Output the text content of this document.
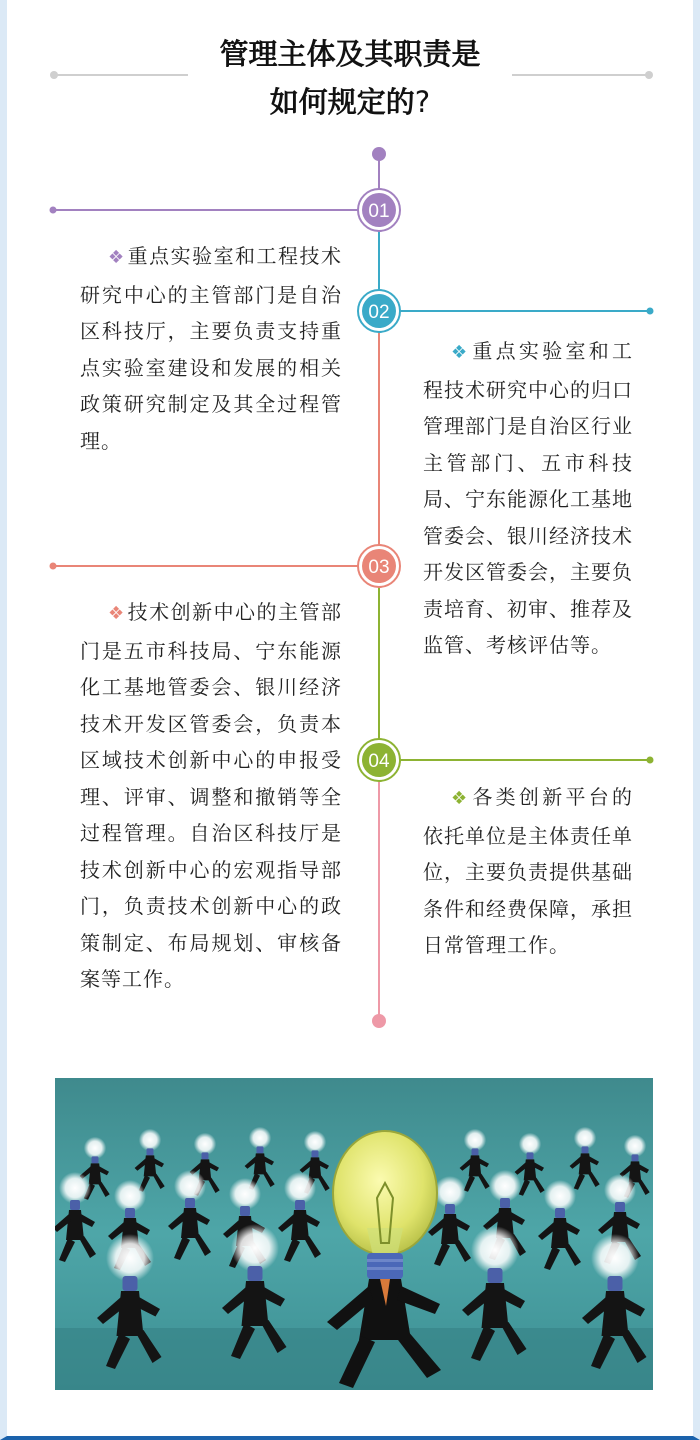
管理主体及其职责是
如何规定的?
01
02
03
04
❖ 重点实验室和工程技术研究中心的主管部门是自治区科技厅，主要负责支持重点实验室建设和发展的相关政策研究制定及其全过程管理。
❖ 重点实验室和工程技术研究中心的归口管理部门是自治区行业主管部门、五市科技局、宁东能源化工基地管委会、银川经济技术开发区管委会，主要负责培育、初审、推荐及监管、考核评估等。
❖ 技术创新中心的主管部门是五市科技局、宁东能源化工基地管委会、银川经济技术开发区管委会，负责本区域技术创新中心的申报受理、评审、调整和撤销等全过程管理。自治区科技厅是技术创新中心的宏观指导部门，负责技术创新中心的政策制定、布局规划、审核备案等工作。
❖ 各类创新平台的依托单位是主体责任单位，主要负责提供基础条件和经费保障，承担日常管理工作。
